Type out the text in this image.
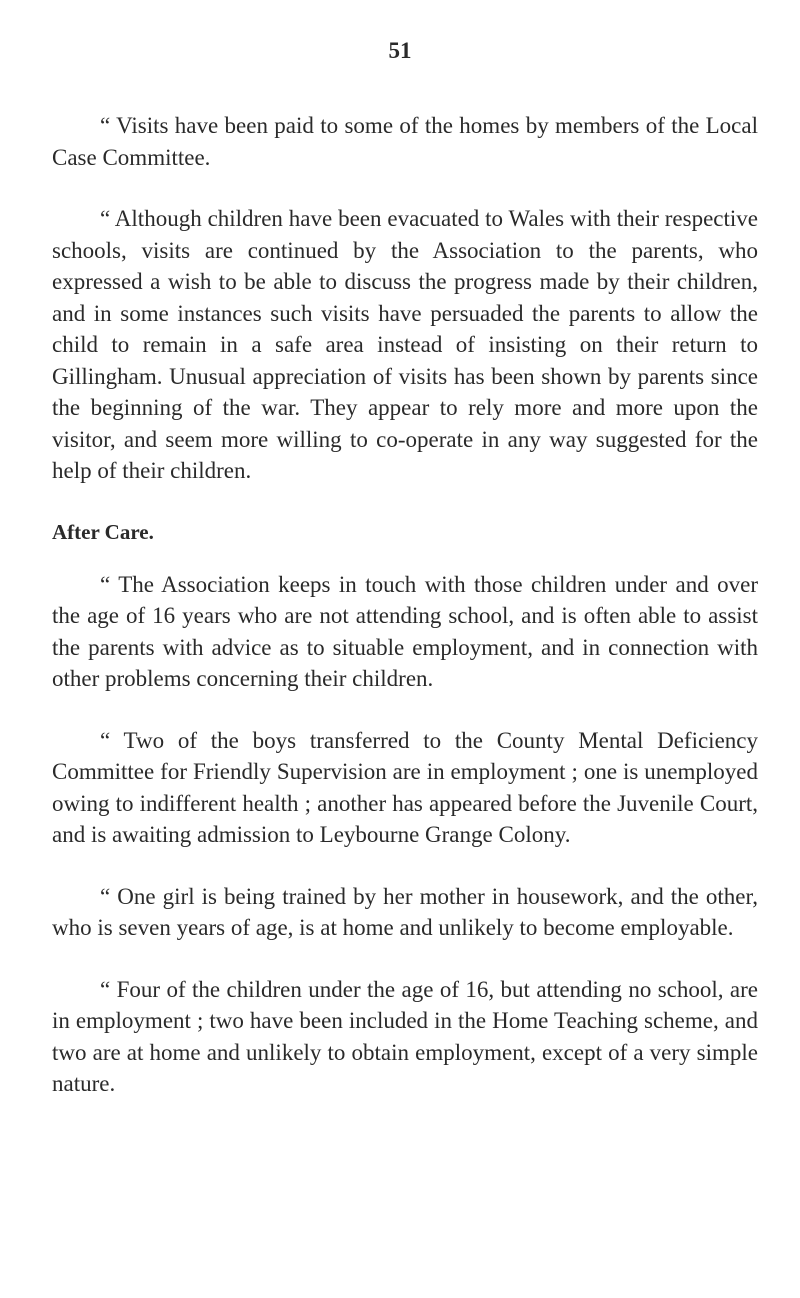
51

“ Visits have been paid to some of the homes by members of the Local Case Committee.

“ Although children have been evacuated to Wales with their respective schools, visits are continued by the Association to the parents, who expressed a wish to be able to discuss the progress made by their children, and in some instances such visits have persuaded the parents to allow the child to remain in a safe area instead of insisting on their return to Gillingham. Unusual appreciation of visits has been shown by parents since the beginning of the war. They appear to rely more and more upon the visitor, and seem more willing to co-operate in any way suggested for the help of their children.

After Care.

“ The Association keeps in touch with those children under and over the age of 16 years who are not attending school, and is often able to assist the parents with advice as to situable employment, and in connection with other problems concerning their children.

“ Two of the boys transferred to the County Mental Deficiency Committee for Friendly Supervision are in employment ; one is unemployed owing to indifferent health ; another has appeared before the Juvenile Court, and is awaiting admission to Leybourne Grange Colony.

“ One girl is being trained by her mother in housework, and the other, who is seven years of age, is at home and unlikely to become employable.

“ Four of the children under the age of 16, but attending no school, are in employment ; two have been included in the Home Teaching scheme, and two are at home and unlikely to obtain employment, except of a very simple nature.
